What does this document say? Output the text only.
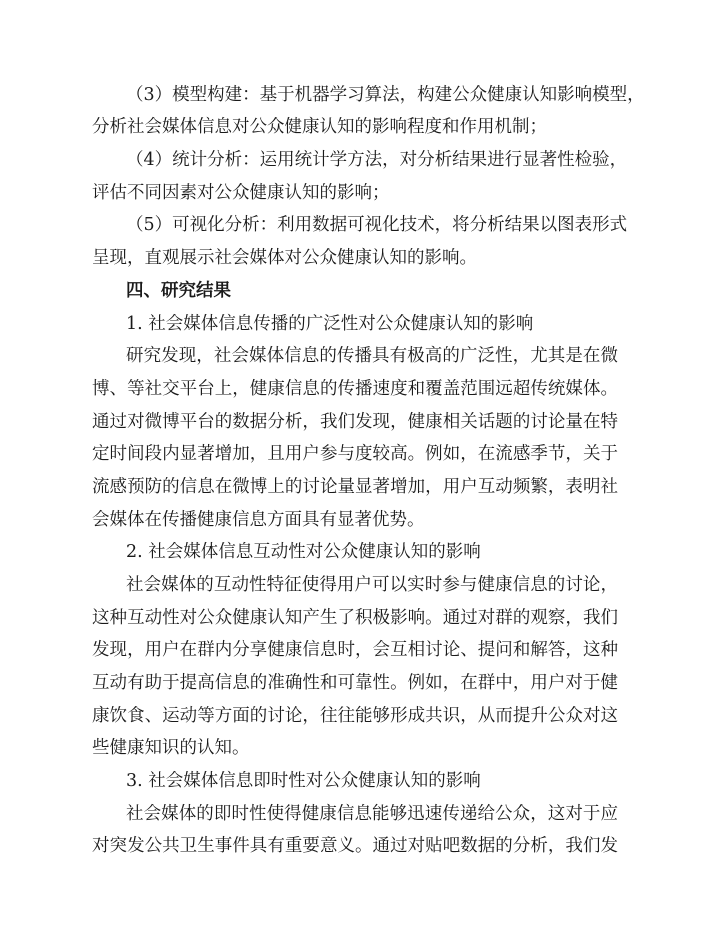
（3）模型构建：基于机器学习算法，构建公众健康认知影响模型，
分析社会媒体信息对公众健康认知的影响程度和作用机制；
（4）统计分析：运用统计学方法，对分析结果进行显著性检验，
评估不同因素对公众健康认知的影响；
（5）可视化分析：利用数据可视化技术，将分析结果以图表形式
呈现，直观展示社会媒体对公众健康认知的影响。
四、研究结果
1. 社会媒体信息传播的广泛性对公众健康认知的影响
研究发现，社会媒体信息的传播具有极高的广泛性，尤其是在微
博、等社交平台上，健康信息的传播速度和覆盖范围远超传统媒体。
通过对微博平台的数据分析，我们发现，健康相关话题的讨论量在特
定时间段内显著增加，且用户参与度较高。例如，在流感季节，关于
流感预防的信息在微博上的讨论量显著增加，用户互动频繁，表明社
会媒体在传播健康信息方面具有显著优势。
2. 社会媒体信息互动性对公众健康认知的影响
社会媒体的互动性特征使得用户可以实时参与健康信息的讨论，
这种互动性对公众健康认知产生了积极影响。通过对群的观察，我们
发现，用户在群内分享健康信息时，会互相讨论、提问和解答，这种
互动有助于提高信息的准确性和可靠性。例如，在群中，用户对于健
康饮食、运动等方面的讨论，往往能够形成共识，从而提升公众对这
些健康知识的认知。
3. 社会媒体信息即时性对公众健康认知的影响
社会媒体的即时性使得健康信息能够迅速传递给公众，这对于应
对突发公共卫生事件具有重要意义。通过对贴吧数据的分析，我们发
